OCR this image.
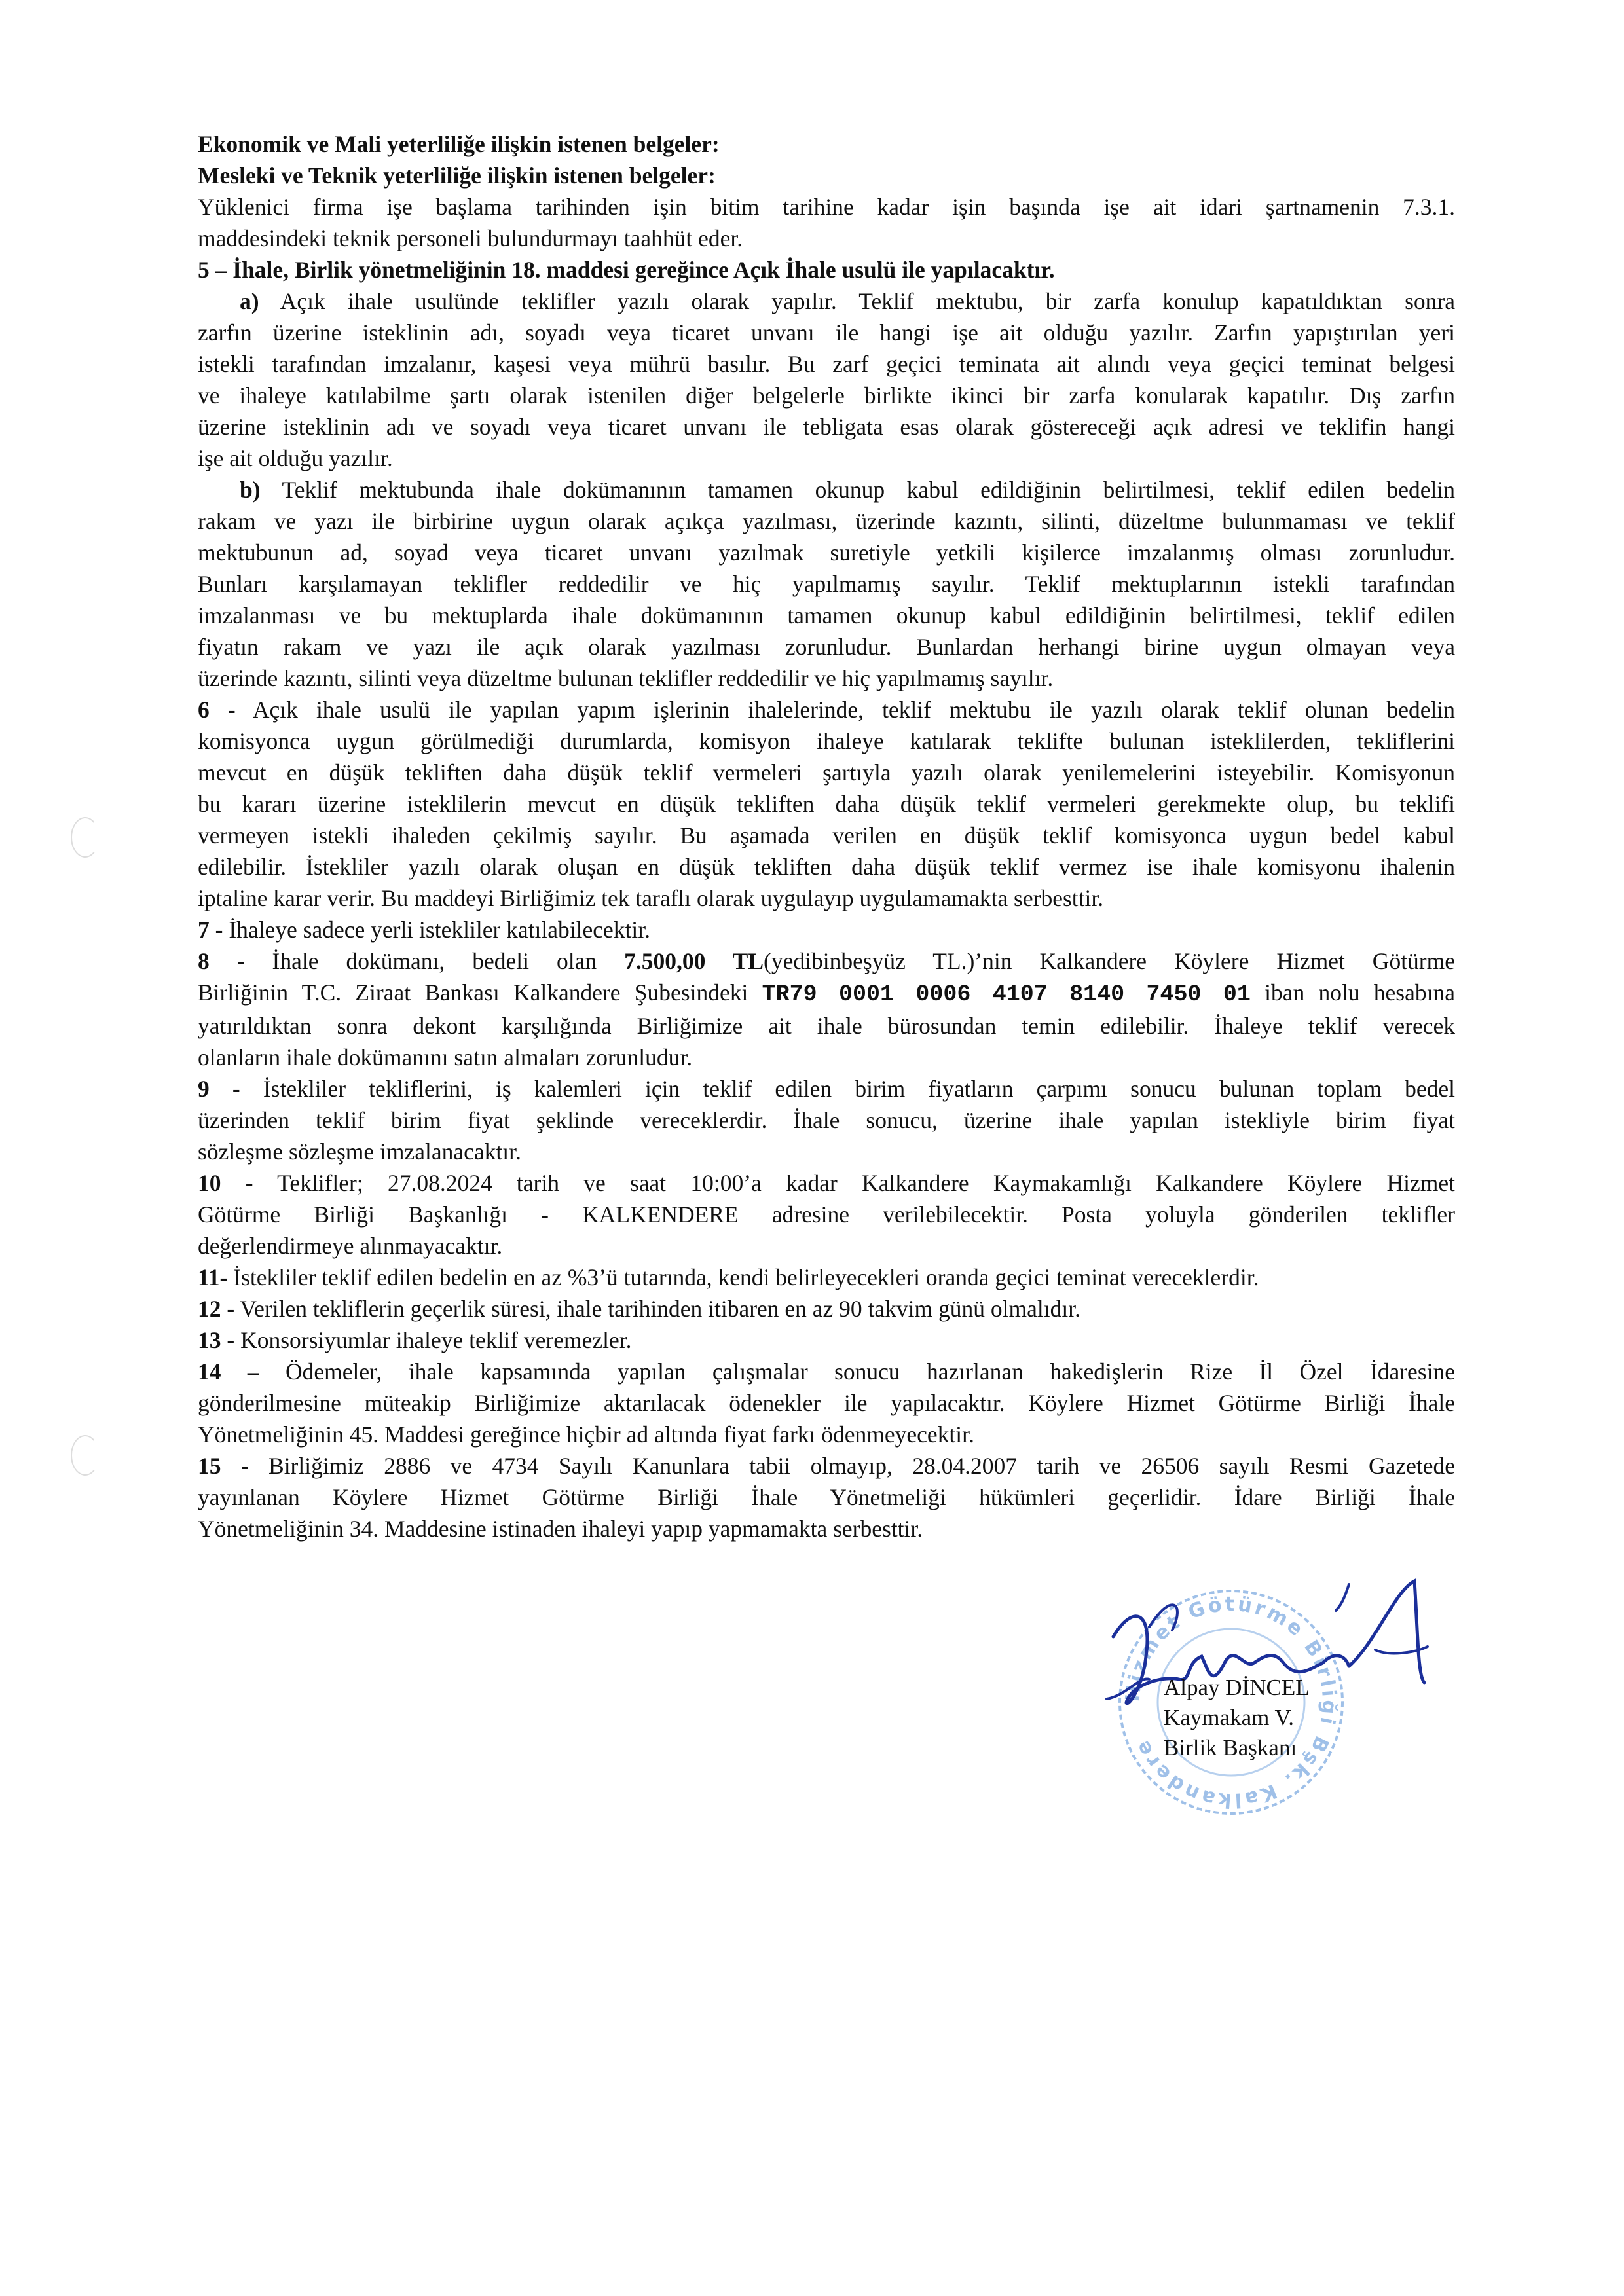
Ekonomik ve Mali yeterliliğe ilişkin istenen belgeler:
Mesleki ve Teknik yeterliliğe ilişkin istenen belgeler:
Yüklenici firma işe başlama tarihinden işin bitim tarihine kadar işin başında işe ait idari şartnamenin 7.3.1.
maddesindeki teknik personeli bulundurmayı taahhüt eder.
5 – İhale, Birlik yönetmeliğinin 18. maddesi gereğince Açık İhale usulü ile yapılacaktır.
a) Açık ihale usulünde teklifler yazılı olarak yapılır. Teklif mektubu, bir zarfa konulup kapatıldıktan sonra
zarfın üzerine isteklinin adı, soyadı veya ticaret unvanı ile hangi işe ait olduğu yazılır. Zarfın yapıştırılan yeri
istekli tarafından imzalanır, kaşesi veya mührü basılır. Bu zarf geçici teminata ait alındı veya geçici teminat belgesi
ve ihaleye katılabilme şartı olarak istenilen diğer belgelerle birlikte ikinci bir zarfa konularak kapatılır. Dış zarfın
üzerine isteklinin adı ve soyadı veya ticaret unvanı ile tebligata esas olarak göstereceği açık adresi ve teklifin hangi
işe ait olduğu yazılır.
b) Teklif mektubunda ihale dokümanının tamamen okunup kabul edildiğinin belirtilmesi, teklif edilen bedelin
rakam ve yazı ile birbirine uygun olarak açıkça yazılması, üzerinde kazıntı, silinti, düzeltme bulunmaması ve teklif
mektubunun ad, soyad veya ticaret unvanı yazılmak suretiyle yetkili kişilerce imzalanmış olması zorunludur.
Bunları karşılamayan teklifler reddedilir ve hiç yapılmamış sayılır. Teklif mektuplarının istekli tarafından
imzalanması ve bu mektuplarda ihale dokümanının tamamen okunup kabul edildiğinin belirtilmesi, teklif edilen
fiyatın rakam ve yazı ile açık olarak yazılması zorunludur. Bunlardan herhangi birine uygun olmayan veya
üzerinde kazıntı, silinti veya düzeltme bulunan teklifler reddedilir ve hiç yapılmamış sayılır.
6 - Açık ihale usulü ile yapılan yapım işlerinin ihalelerinde, teklif mektubu ile yazılı olarak teklif olunan bedelin
komisyonca uygun görülmediği durumlarda, komisyon ihaleye katılarak teklifte bulunan isteklilerden, tekliflerini
mevcut en düşük tekliften daha düşük teklif vermeleri şartıyla yazılı olarak yenilemelerini isteyebilir. Komisyonun
bu kararı üzerine isteklilerin mevcut en düşük tekliften daha düşük teklif vermeleri gerekmekte olup, bu teklifi
vermeyen istekli ihaleden çekilmiş sayılır. Bu aşamada verilen en düşük teklif komisyonca uygun bedel kabul
edilebilir. İstekliler yazılı olarak oluşan en düşük tekliften daha düşük teklif vermez ise ihale komisyonu ihalenin
iptaline karar verir. Bu maddeyi Birliğimiz tek taraflı olarak uygulayıp uygulamamakta serbesttir.
7 - İhaleye sadece yerli istekliler katılabilecektir.
8 - İhale dokümanı, bedeli olan 7.500,00 TL(yedibinbeşyüz TL.)’nin Kalkandere Köylere Hizmet Götürme
Birliğinin T.C. Ziraat Bankası Kalkandere Şubesindeki TR79 0001 0006 4107 8140 7450 01 iban nolu hesabına
yatırıldıktan sonra dekont karşılığında Birliğimize ait ihale bürosundan temin edilebilir. İhaleye teklif verecek
olanların ihale dokümanını satın almaları zorunludur.
9 - İstekliler tekliflerini, iş kalemleri için teklif edilen birim fiyatların çarpımı sonucu bulunan toplam bedel
üzerinden teklif birim fiyat şeklinde vereceklerdir. İhale sonucu, üzerine ihale yapılan istekliyle birim fiyat
sözleşme sözleşme imzalanacaktır.
10 - Teklifler; 27.08.2024 tarih ve saat 10:00’a kadar Kalkandere Kaymakamlığı Kalkandere Köylere Hizmet
Götürme Birliği Başkanlığı - KALKENDERE adresine verilebilecektir. Posta yoluyla gönderilen teklifler
değerlendirmeye alınmayacaktır.
11- İstekliler teklif edilen bedelin en az %3’ü tutarında, kendi belirleyecekleri oranda geçici teminat vereceklerdir.
12 - Verilen tekliflerin geçerlik süresi, ihale tarihinden itibaren en az 90 takvim günü olmalıdır.
13 - Konsorsiyumlar ihaleye teklif veremezler.
14 – Ödemeler, ihale kapsamında yapılan çalışmalar sonucu hazırlanan hakedişlerin Rize İl Özel İdaresine
gönderilmesine müteakip Birliğimize aktarılacak ödenekler ile yapılacaktır. Köylere Hizmet Götürme Birliği İhale
Yönetmeliğinin 45. Maddesi gereğince hiçbir ad altında fiyat farkı ödenmeyecektir.
15 - Birliğimiz 2886 ve 4734 Sayılı Kanunlara tabii olmayıp, 28.04.2007 tarih ve 26506 sayılı Resmi Gazetede
yayınlanan Köylere Hizmet Götürme Birliği İhale Yönetmeliği hükümleri geçerlidir. İdare Birliği İhale
Yönetmeliğinin 34. Maddesine istinaden ihaleyi yapıp yapmamakta serbesttir.
Hizmet Götürme Birliği Bşk. Kalkandere
Alpay DİNCEL
Kaymakam V.
Birlik Başkanı
